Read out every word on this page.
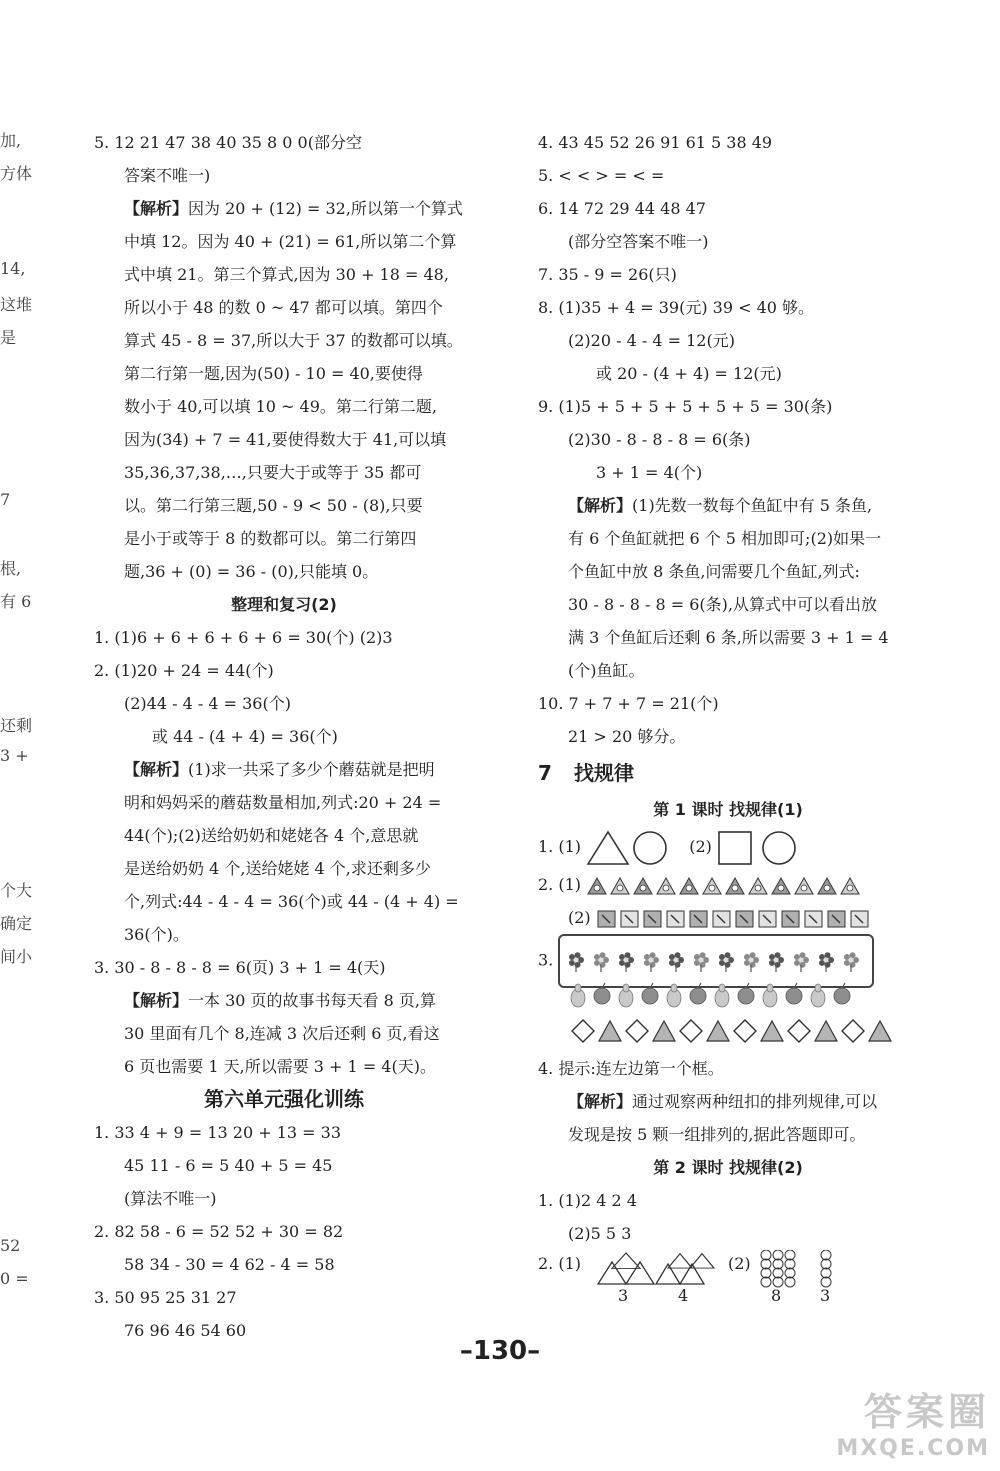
加,
方体
14,
这堆
是
7
根,
有 6
还剩
3 +
个大
确定
间小
52
0 =
5. 12 21 47 38 40 35 8 0 0(部分空
答案不唯一)
【解析】因为 20 + (12) = 32,所以第一个算式
中填 12。因为 40 + (21) = 61,所以第二个算
式中填 21。第三个算式,因为 30 + 18 = 48,
所以小于 48 的数 0 ~ 47 都可以填。第四个
算式 45 - 8 = 37,所以大于 37 的数都可以填。
第二行第一题,因为(50) - 10 = 40,要使得
数小于 40,可以填 10 ~ 49。第二行第二题,
因为(34) + 7 = 41,要使得数大于 41,可以填
35,36,37,38,…,只要大于或等于 35 都可
以。第二行第三题,50 - 9 < 50 - (8),只要
是小于或等于 8 的数都可以。第二行第四
题,36 + (0) = 36 - (0),只能填 0。
整理和复习(2)
1. (1)6 + 6 + 6 + 6 + 6 = 30(个) (2)3
2. (1)20 + 24 = 44(个)
(2)44 - 4 - 4 = 36(个)
或 44 - (4 + 4) = 36(个)
【解析】(1)求一共采了多少个蘑菇就是把明
明和妈妈采的蘑菇数量相加,列式:20 + 24 =
44(个);(2)送给奶奶和姥姥各 4 个,意思就
是送给奶奶 4 个,送给姥姥 4 个,求还剩多少
个,列式:44 - 4 - 4 = 36(个)或 44 - (4 + 4) =
36(个)。
3. 30 - 8 - 8 - 8 = 6(页) 3 + 1 = 4(天)
【解析】一本 30 页的故事书每天看 8 页,算
30 里面有几个 8,连减 3 次后还剩 6 页,看这
6 页也需要 1 天,所以需要 3 + 1 = 4(天)。
第六单元强化训练
1. 33 4 + 9 = 13 20 + 13 = 33
45 11 - 6 = 5 40 + 5 = 45
(算法不唯一)
2. 82 58 - 6 = 52 52 + 30 = 82
58 34 - 30 = 4 62 - 4 = 58
3. 50 95 25 31 27
76 96 46 54 60
4. 43 45 52 26 91 61 5 38 49
5. < < > = < =
6. 14 72 29 44 48 47
(部分空答案不唯一)
7. 35 - 9 = 26(只)
8. (1)35 + 4 = 39(元) 39 < 40 够。
(2)20 - 4 - 4 = 12(元)
或 20 - (4 + 4) = 12(元)
9. (1)5 + 5 + 5 + 5 + 5 + 5 = 30(条)
(2)30 - 8 - 8 - 8 = 6(条)
3 + 1 = 4(个)
【解析】(1)先数一数每个鱼缸中有 5 条鱼,
有 6 个鱼缸就把 6 个 5 相加即可;(2)如果一
个鱼缸中放 8 条鱼,问需要几个鱼缸,列式:
30 - 8 - 8 - 8 = 6(条),从算式中可以看出放
满 3 个鱼缸后还剩 6 条,所以需要 3 + 1 = 4
(个)鱼缸。
10. 7 + 7 + 7 = 21(个)
21 > 20 够分。
7 找规律
第 1 课时 找规律(1)
1. (1)	(2)
2. (1)
(2)
3.
4. 提示:连左边第一个框。
【解析】通过观察两种纽扣的排列规律,可以
发现是按 5 颗一组排列的,据此答题即可。
第 2 课时 找规律(2)
1. (1)2 4 2 4
(2)5 5 3
2. (1)
3	4
(2)
8 3
–130–
答案圈
MXQE.COM
